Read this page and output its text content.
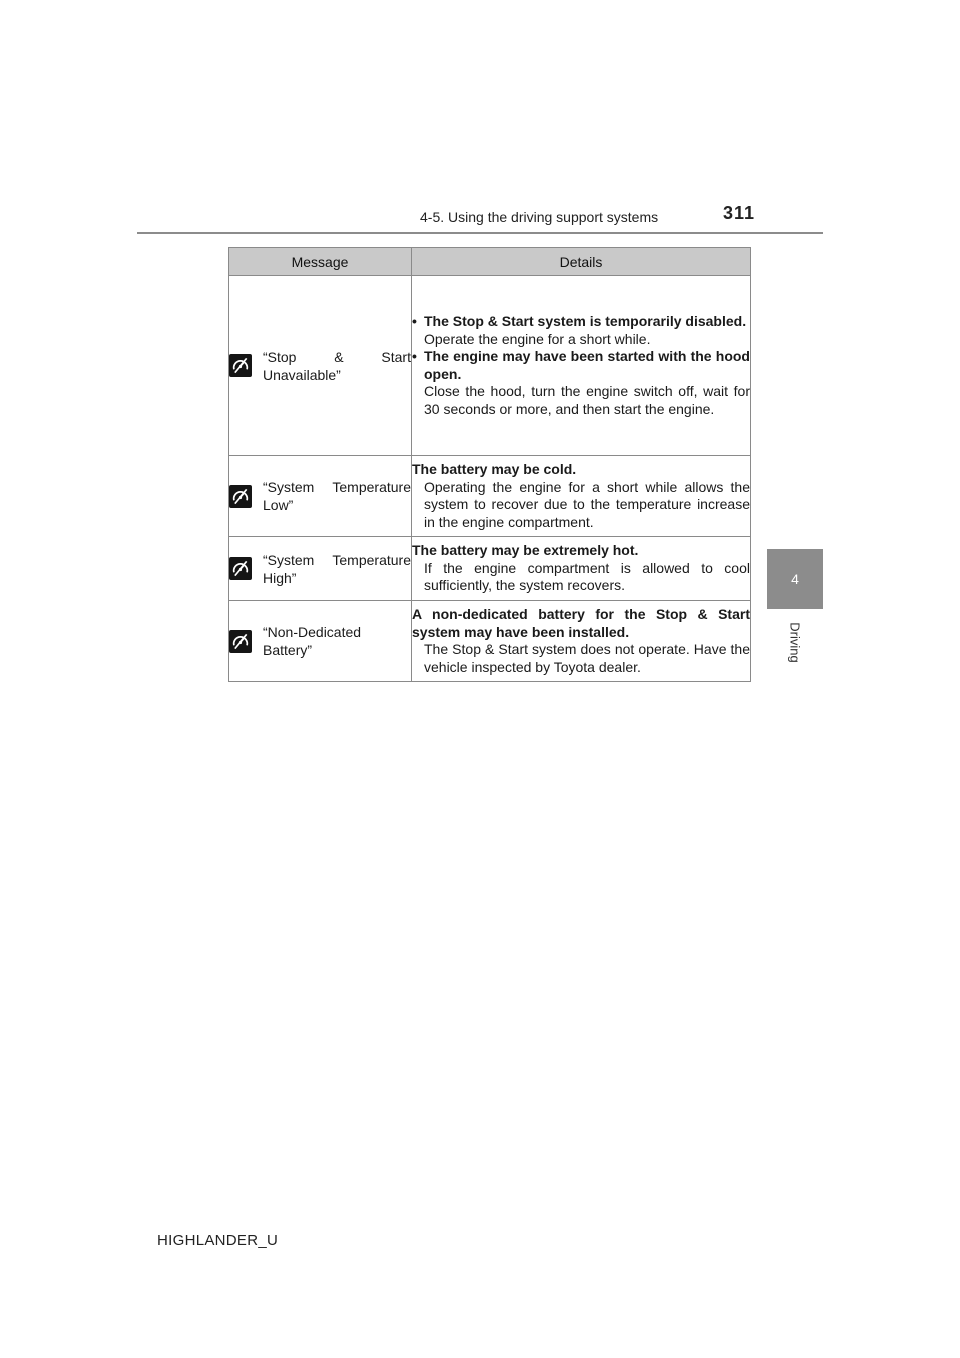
4-5. Using the driving support systems	311
4
Driving
Message	Details

“Stop & Start Unavailable”	• The Stop & Start system is temporarily disabled.
Operate the engine for a short while.
• The engine may have been started with the hood open.
Close the hood, turn the engine switch off, wait for 30 seconds or more, and then start the engine.

“System Temperature Low”	The battery may be cold.
Operating the engine for a short while allows the system to recover due to the temperature increase in the engine compartment.

“System Temperature High”	The battery may be extremely hot.
If the engine compartment is allowed to cool sufficiently, the system recovers.

“Non-Dedicated Battery”	A non-dedicated battery for the Stop & Start system may have been installed.
The Stop & Start system does not operate. Have the vehicle inspected by Toyota dealer.
HIGHLANDER_U
